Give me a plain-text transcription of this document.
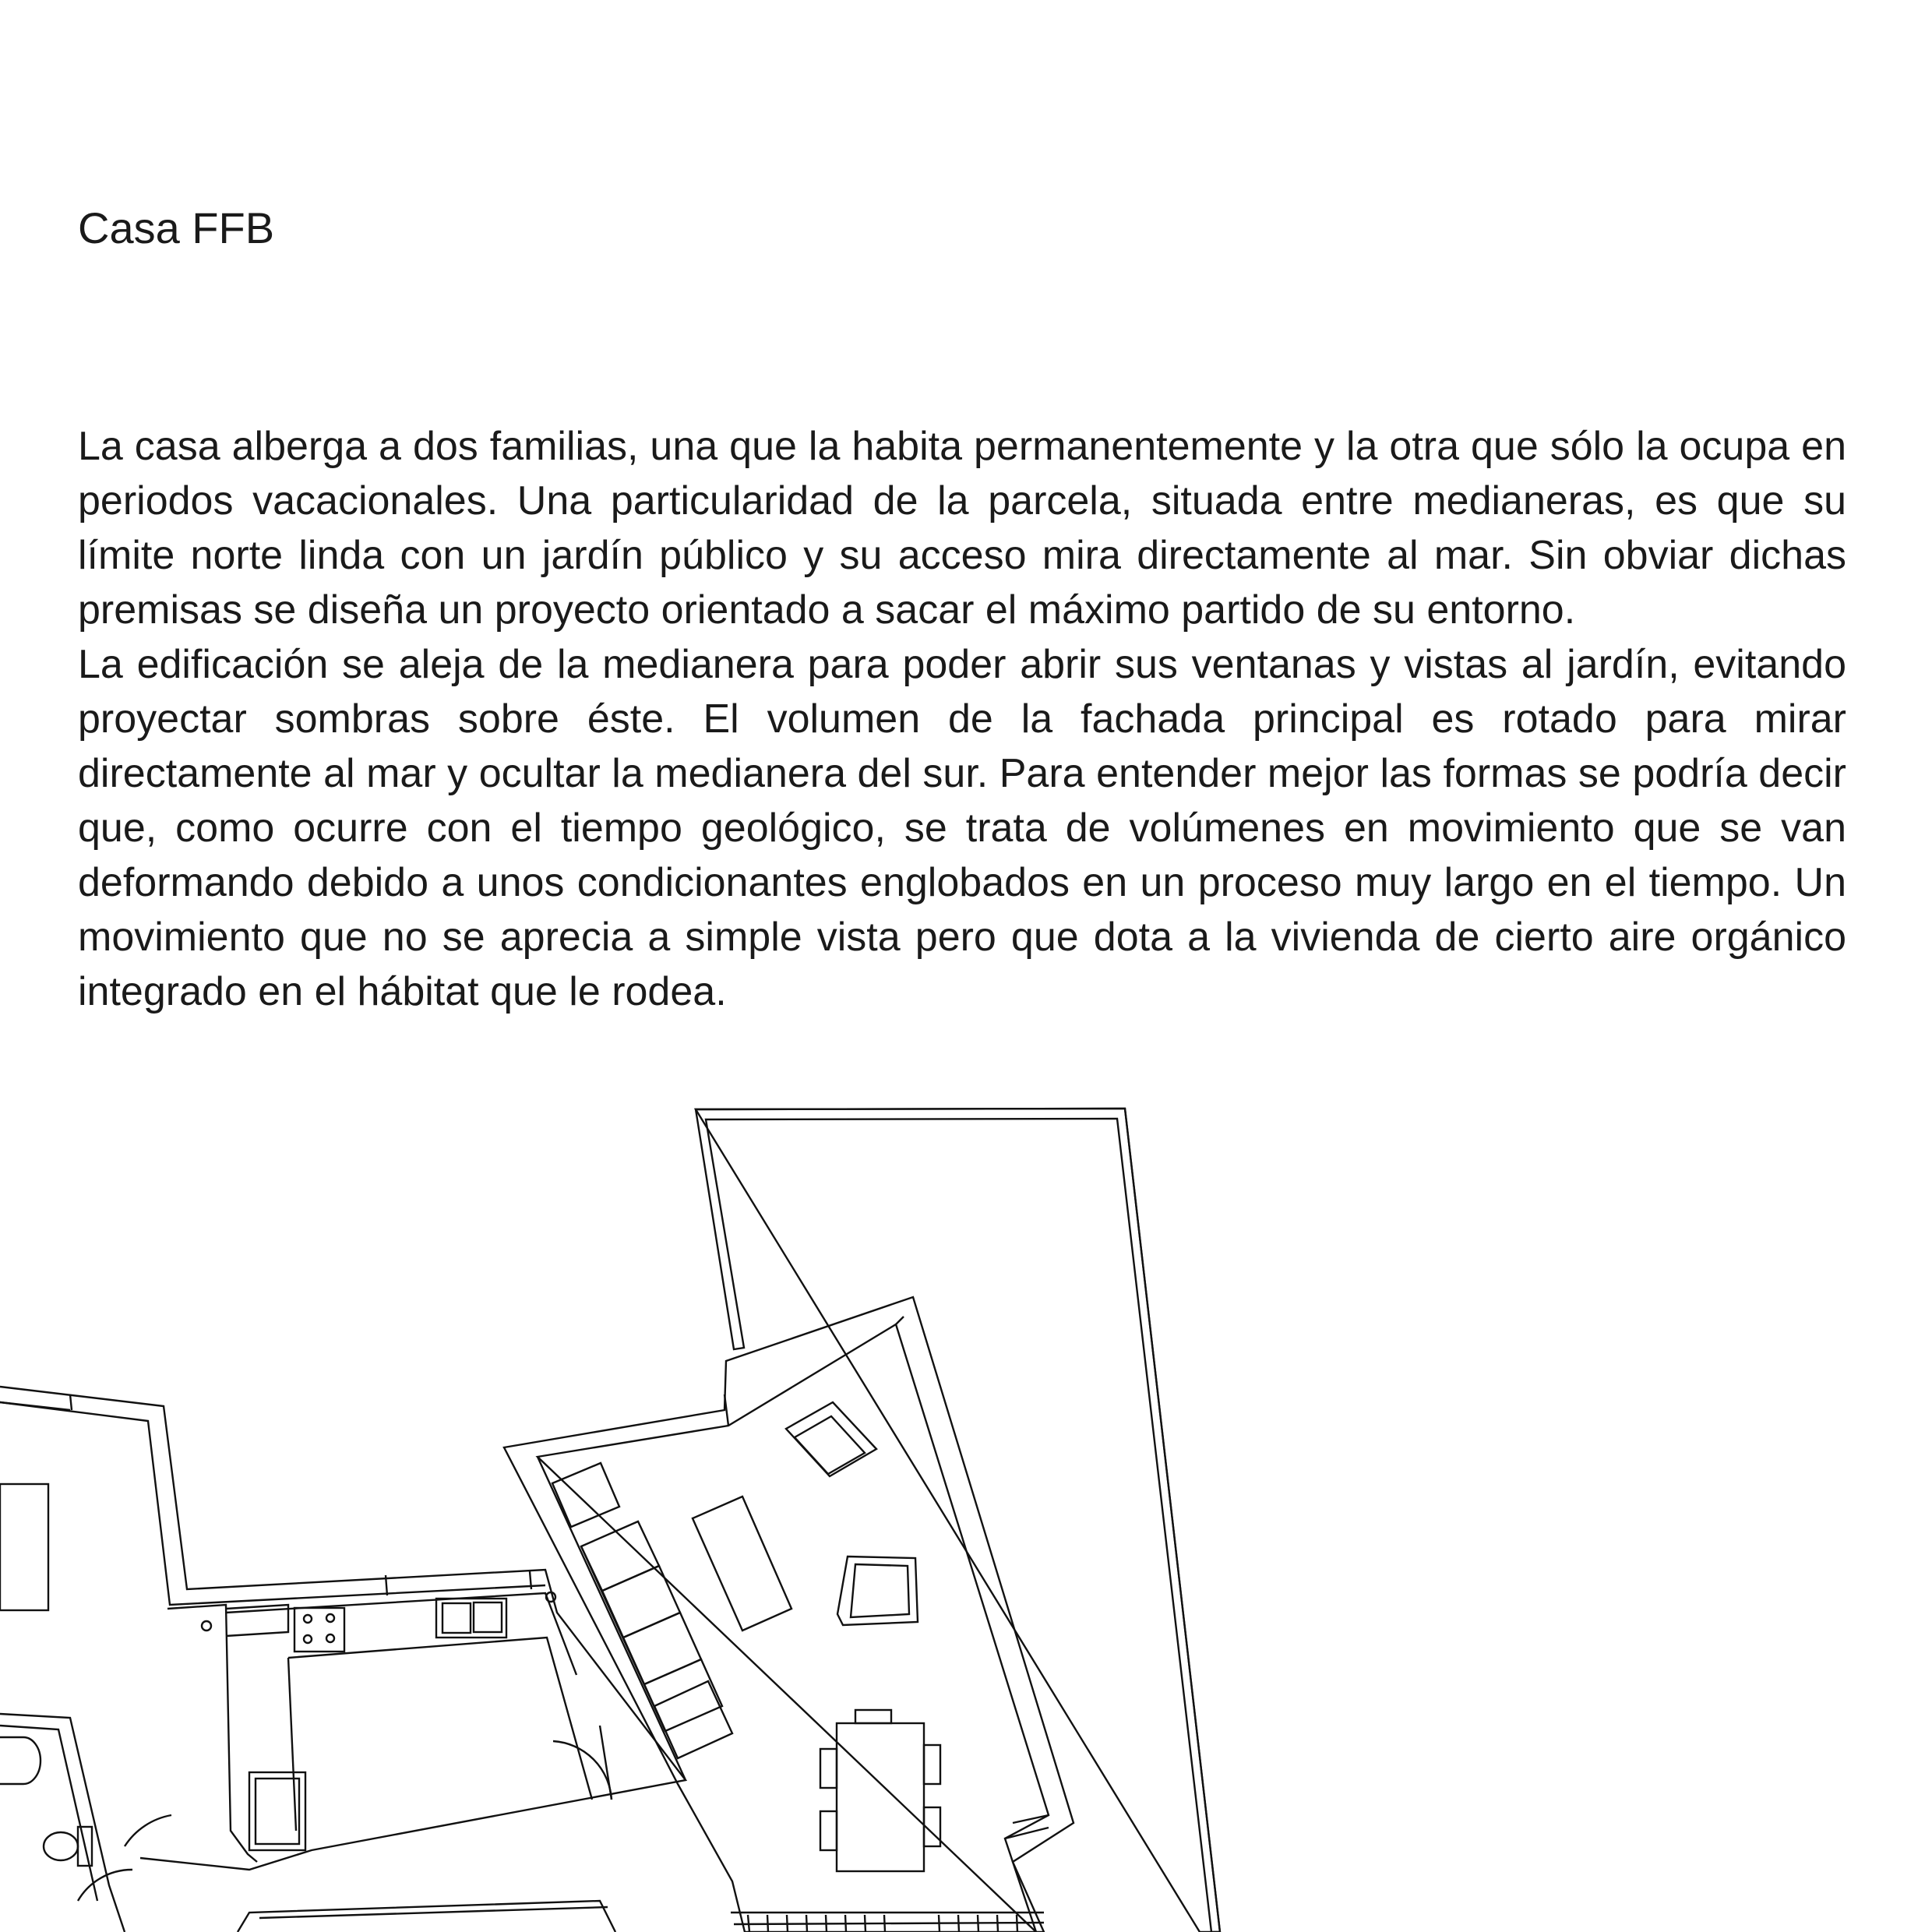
Casa FFB

La casa alberga a dos familias, una que la habita permanentemente y la otra que sólo la ocupa en periodos vacacionales. Una particularidad de la parcela, situada entre medianeras, es que su límite norte linda con un jardín público y su acceso mira directamente al mar. Sin obviar dichas premisas se diseña un proyecto orientado a sacar el máximo partido de su entorno.

La edificación se aleja de la medianera para poder abrir sus ventanas y vistas al jardín, evitando proyectar sombras sobre éste. El volumen de la fachada principal es rotado para mirar directamente al mar y ocultar la medianera del sur. Para entender mejor las formas se podría decir que, como ocurre con el tiempo geológico, se trata de volúmenes en movimiento que se van deformando debido a unos condicionantes englobados en un proceso muy largo en el tiempo. Un movimiento que no se aprecia a simple vista pero que dota a la vivienda de cierto aire orgánico integrado en el hábitat que le rodea.
